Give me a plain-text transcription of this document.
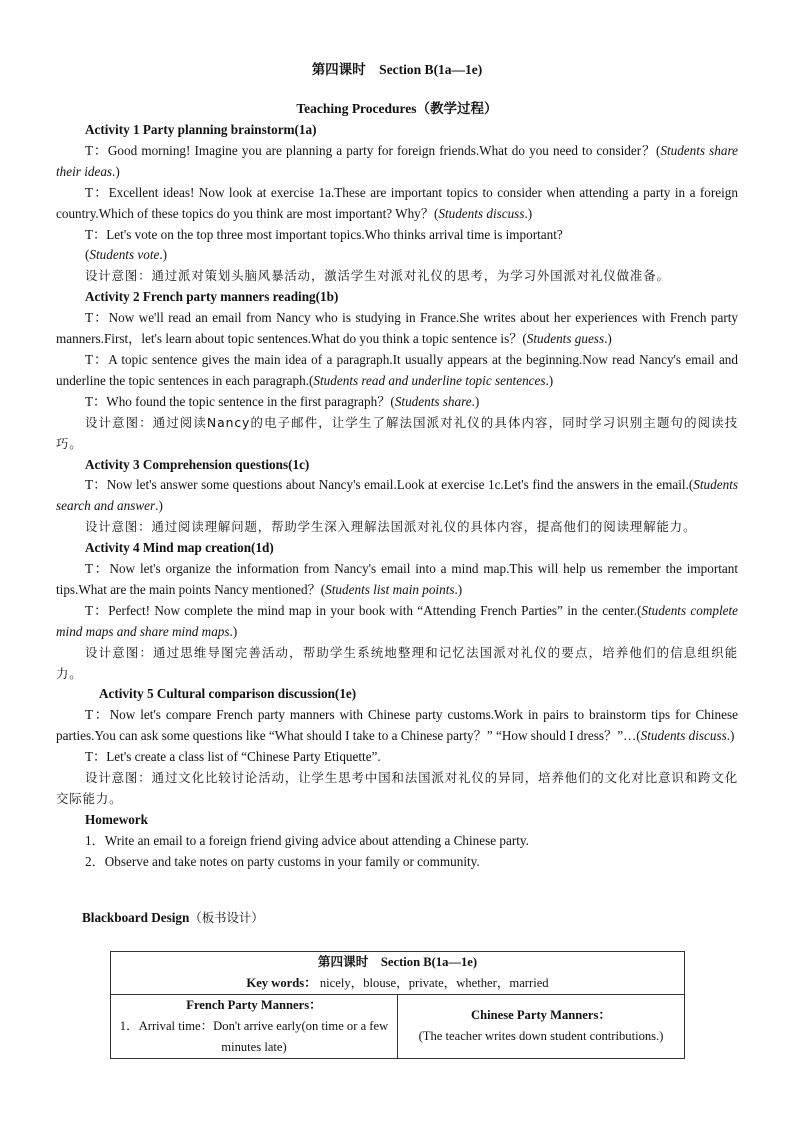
第四课时　Section B(1a—1e)
Teaching Procedures（教学过程）
Activity 1 Party planning brainstorm(1a)
T：Good morning! Imagine you are planning a party for foreign friends.What do you need to consider？(Students share their ideas.)
T：Excellent ideas! Now look at exercise 1a.These are important topics to consider when attending a party in a foreign country.Which of these topics do you think are most important? Why？(Students discuss.)
T：Let's vote on the top three most important topics.Who thinks arrival time is important?
(Students vote.)
设计意图：通过派对策划头脑风暴活动，激活学生对派对礼仪的思考，为学习外国派对礼仪做准备。
Activity 2 French party manners reading(1b)
T：Now we'll read an email from Nancy who is studying in France.She writes about her experiences with French party manners.First，let's learn about topic sentences.What do you think a topic sentence is？(Students guess.)
T：A topic sentence gives the main idea of a paragraph.It usually appears at the beginning.Now read Nancy's email and underline the topic sentences in each paragraph.(Students read and underline topic sentences.)
T：Who found the topic sentence in the first paragraph？(Students share.)
设计意图：通过阅读Nancy的电子邮件，让学生了解法国派对礼仪的具体内容，同时学习识别主题句的阅读技巧。
Activity 3 Comprehension questions(1c)
T：Now let's answer some questions about Nancy's email.Look at exercise 1c.Let's find the answers in the email.(Students search and answer.)
设计意图：通过阅读理解问题，帮助学生深入理解法国派对礼仪的具体内容，提高他们的阅读理解能力。
Activity 4 Mind map creation(1d)
T：Now let's organize the information from Nancy's email into a mind map.This will help us remember the important tips.What are the main points Nancy mentioned？(Students list main points.)
T：Perfect! Now complete the mind map in your book with “Attending French Parties” in the center.(Students complete mind maps and share mind maps.)
设计意图：通过思维导图完善活动，帮助学生系统地整理和记忆法国派对礼仪的要点，培养他们的信息组织能力。
Activity 5 Cultural comparison discussion(1e)
T：Now let's compare French party manners with Chinese party customs.Work in pairs to brainstorm tips for Chinese parties.You can ask some questions like “What should I take to a Chinese party？” “How should I dress？”…(Students discuss.)
T：Let's create a class list of “Chinese Party Etiquette”.
设计意图：通过文化比较讨论活动，让学生思考中国和法国派对礼仪的异同，培养他们的文化对比意识和跨文化交际能力。
Homework
1．Write an email to a foreign friend giving advice about attending a Chinese party.
2．Observe and take notes on party customs in your family or community.
Blackboard Design（板书设计）
第四课时　Section B(1a—1e)
Key words： nicely，blouse，private，whether，married

French Party Manners：
1．Arrival time：Don't arrive early(on time or a few minutes late)

Chinese Party Manners：
(The teacher writes down student contributions.)
